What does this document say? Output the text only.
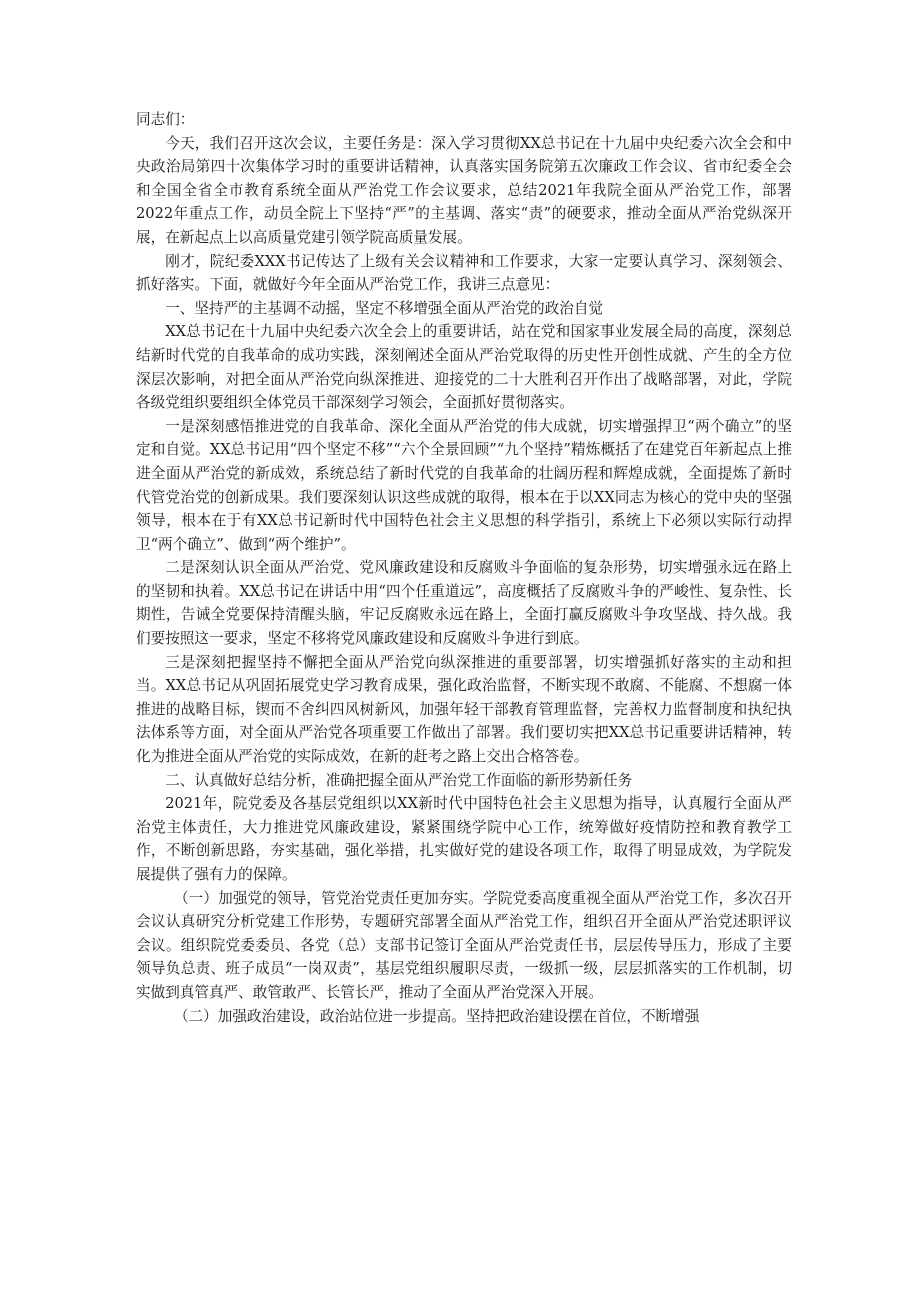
同志们：

今天，我们召开这次会议，主要任务是：深入学习贯彻XX总书记在十九届中央纪委六次全会和中央政治局第四十次集体学习时的重要讲话精神，认真落实国务院第五次廉政工作会议、省市纪委全会和全国全省全市教育系统全面从严治党工作会议要求，总结2021年我院全面从严治党工作，部署2022年重点工作，动员全院上下坚持“严”的主基调、落实“责”的硬要求，推动全面从严治党纵深开展，在新起点上以高质量党建引领学院高质量发展。

刚才，院纪委XXX书记传达了上级有关会议精神和工作要求，大家一定要认真学习、深刻领会、抓好落实。下面，就做好今年全面从严治党工作，我讲三点意见：

一、坚持严的主基调不动摇，坚定不移增强全面从严治党的政治自觉

XX总书记在十九届中央纪委六次全会上的重要讲话，站在党和国家事业发展全局的高度，深刻总结新时代党的自我革命的成功实践，深刻阐述全面从严治党取得的历史性开创性成就、产生的全方位深层次影响，对把全面从严治党向纵深推进、迎接党的二十大胜利召开作出了战略部署，对此，学院各级党组织要组织全体党员干部深刻学习领会，全面抓好贯彻落实。

一是深刻感悟推进党的自我革命、深化全面从严治党的伟大成就，切实增强捍卫“两个确立”的坚定和自觉。XX总书记用“四个坚定不移”“六个全景回顾”“九个坚持”精炼概括了在建党百年新起点上推进全面从严治党的新成效，系统总结了新时代党的自我革命的壮阔历程和辉煌成就，全面提炼了新时代管党治党的创新成果。我们要深刻认识这些成就的取得，根本在于以XX同志为核心的党中央的坚强领导，根本在于有XX总书记新时代中国特色社会主义思想的科学指引，系统上下必须以实际行动捍卫“两个确立”、做到“两个维护”。

二是深刻认识全面从严治党、党风廉政建设和反腐败斗争面临的复杂形势，切实增强永远在路上的坚韧和执着。XX总书记在讲话中用“四个任重道远”，高度概括了反腐败斗争的严峻性、复杂性、长期性，告诫全党要保持清醒头脑，牢记反腐败永远在路上，全面打赢反腐败斗争攻坚战、持久战。我们要按照这一要求，坚定不移将党风廉政建设和反腐败斗争进行到底。

三是深刻把握坚持不懈把全面从严治党向纵深推进的重要部署，切实增强抓好落实的主动和担当。XX总书记从巩固拓展党史学习教育成果，强化政治监督，不断实现不敢腐、不能腐、不想腐一体推进的战略目标，锲而不舍纠四风树新风，加强年轻干部教育管理监督，完善权力监督制度和执纪执法体系等方面，对全面从严治党各项重要工作做出了部署。我们要切实把XX总书记重要讲话精神，转化为推进全面从严治党的实际成效，在新的赶考之路上交出合格答卷。

二、认真做好总结分析，准确把握全面从严治党工作面临的新形势新任务

2021年，院党委及各基层党组织以XX新时代中国特色社会主义思想为指导，认真履行全面从严治党主体责任，大力推进党风廉政建设，紧紧围绕学院中心工作，统筹做好疫情防控和教育教学工作，不断创新思路，夯实基础，强化举措，扎实做好党的建设各项工作，取得了明显成效，为学院发展提供了强有力的保障。

（一）加强党的领导，管党治党责任更加夯实。学院党委高度重视全面从严治党工作，多次召开会议认真研究分析党建工作形势，专题研究部署全面从严治党工作，组织召开全面从严治党述职评议会议。组织院党委委员、各党（总）支部书记签订全面从严治党责任书，层层传导压力，形成了主要领导负总责、班子成员“一岗双责”，基层党组织履职尽责，一级抓一级，层层抓落实的工作机制，切实做到真管真严、敢管敢严、长管长严，推动了全面从严治党深入开展。

（二）加强政治建设，政治站位进一步提高。坚持把政治建设摆在首位，不断增强
